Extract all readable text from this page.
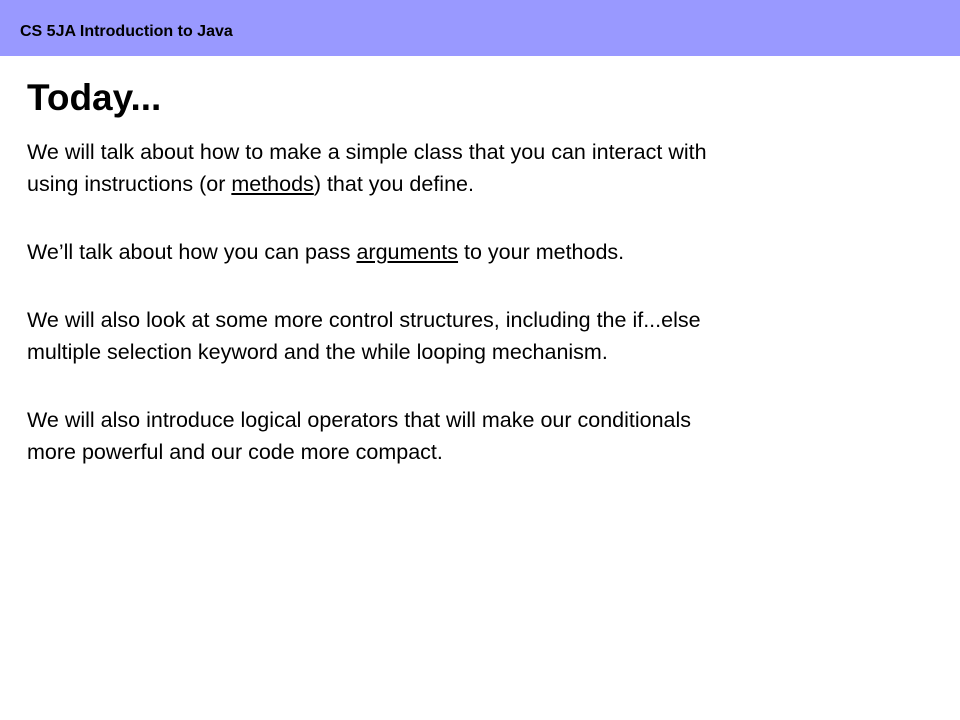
CS 5JA Introduction to Java
Today...

We will talk about how to make a simple class that you can interact with
using instructions (or methods) that you define.

We’ll talk about how you can pass arguments to your methods.

We will also look at some more control structures, including the if...else
multiple selection keyword and the while looping mechanism.

We will also introduce logical operators that will make our conditionals
more powerful and our code more compact.
